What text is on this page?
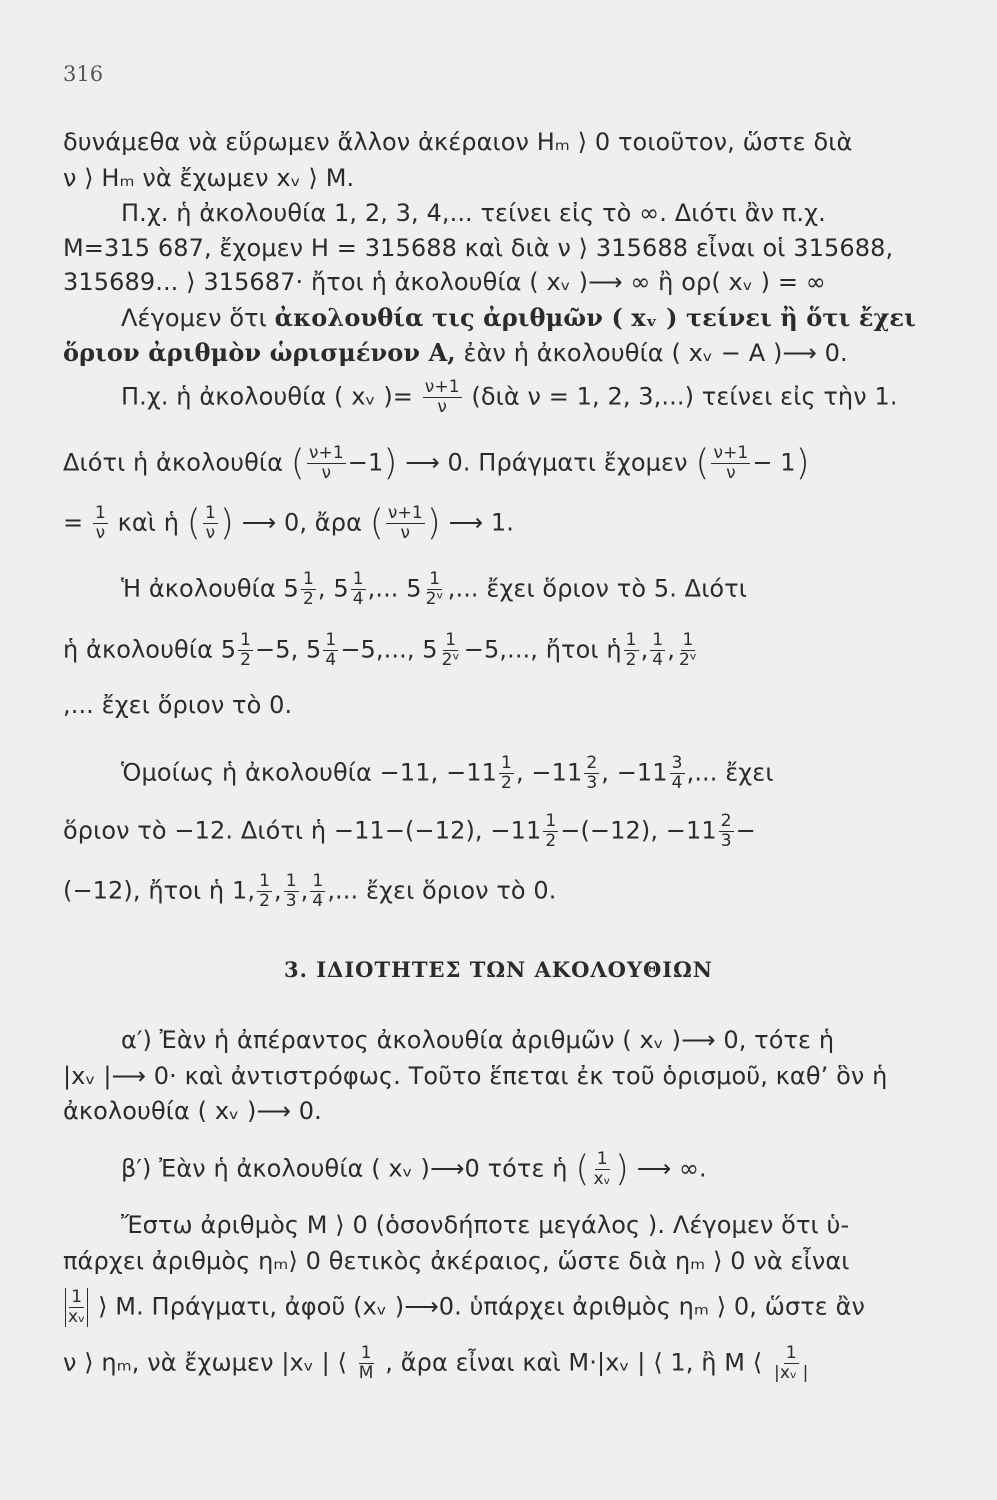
316
δυνάμεθα νὰ εὕρωμεν ἄλλον ἀκέραιον Hₘ ⟩ 0 τοιοῦτον, ὥστε διὰ
ν ⟩ Hₘ νὰ ἔχωμεν xᵥ ⟩ M.
Π.χ. ἡ ἀκολουθία 1, 2, 3, 4,... τείνει εἰς τὸ ∞. Διότι ἂν π.χ.
M=315 687, ἔχομεν H = 315688 καὶ διὰ ν ⟩ 315688 εἶναι οἱ 315688,
315689... ⟩ 315687· ἤτοι ἡ ἀκολουθία ( xᵥ )⟶ ∞ ἢ ορ( xᵥ ) = ∞
Λέγομεν ὅτι ἀκολουθία τις ἀριθμῶν ( xᵥ ) τείνει ἢ ὅτι ἔχει
ὅριον ἀριθμὸν ὡρισμένον A, ἐὰν ἡ ἀκολουθία ( xᵥ − A )⟶ 0.
Π.χ. ἡ ἀκολουθία ( xᵥ )= $\frac{\nu+1}{\nu}$ (διὰ ν = 1, 2, 3,...) τείνει εἰς τὴν 1.
Διότι ἡ ἀκολουθία ( $\frac{\nu+1}{\nu} -1$) ⟶ 0. Πράγματι ἔχομεν ( $\frac{\nu+1}{\nu} - 1$)
= $\frac{1}{\nu}$ καὶ ἡ ( $\frac{1}{\nu}$ ) ⟶ 0, ἄρα ( $\frac{\nu+1}{\nu}$ ) ⟶ 1.
Ἡ ἀκολουθία $5 \frac{1}{2}$ , $5 \frac{1}{4}$ ,... $5 \frac{1}{\text{2ᵛ}}$ ,... ἔχει ὅριον τὸ 5. Διότι
ἡ ἀκολουθία $5 \frac{1}{2} -5$, $5 \frac{1}{4} -5$,..., $5 \frac{1}{\text{2ᵛ}} -5$,..., ἤτοι ἡ $\frac{1}{2}$ , $\frac{1}{4}$ , $\frac{1}{\text{2ᵛ}}$
,... ἔχει ὅριον τὸ 0.
Ὁμοίως ἡ ἀκολουθία −11, $-11 \frac{1}{2}$ , $-11 \frac{2}{3}$ , $-11 \frac{3}{4}$ ,... ἔχει
ὅριον τὸ −12. Διότι ἡ −11−(−12), $-11 \frac{1}{2} -(-12)$, $-11 \frac{2}{3}$ −
(−12), ἤτοι ἡ 1, $\frac{1}{2}$ , $\frac{1}{3}$ , $\frac{1}{4}$ ,... ἔχει ὅριον τὸ 0.
3. ΙΔΙΟΤΗΤΕΣ ΤΩΝ ΑΚΟΛΟΥΘΙΩΝ
α′) Ἐὰν ἡ ἀπέραντος ἀκολουθία ἀριθμῶν ( xᵥ )⟶ 0, τότε ἡ
|xᵥ |⟶ 0· καὶ ἀντιστρόφως. Τοῦτο ἕπεται ἐκ τοῦ ὁρισμοῦ, καθ’ ὃν ἡ
ἀκολουθία ( xᵥ )⟶ 0.
β′) Ἐὰν ἡ ἀκολουθία ( xᵥ )⟶0 τότε ἡ ( $\frac{1}{\text{xᵥ}}$ ) ⟶ ∞.
Ἔστω ἀριθμὸς M ⟩ 0 (ὁσονδήποτε μεγάλος ). Λέγομεν ὅτι ὑ-
πάρχει ἀριθμὸς ηₘ⟩ 0 θετικὸς ἀκέραιος, ὥστε διὰ ηₘ ⟩ 0 νὰ εἶναι
$\frac{1}{\text{xᵥ}}$ ⟩ M. Πράγματι, ἀφοῦ (xᵥ )⟶0. ὑπάρχει ἀριθμὸς ηₘ ⟩ 0, ὥστε ἂν
ν ⟩ ηₘ, νὰ ἔχωμεν |xᵥ | ⟨ $\frac{1}{M}$ , ἄρα εἶναι καὶ M·|xᵥ | ⟨ 1, ἢ M ⟨ $\frac{1}{\text{|xᵥ |}}$
